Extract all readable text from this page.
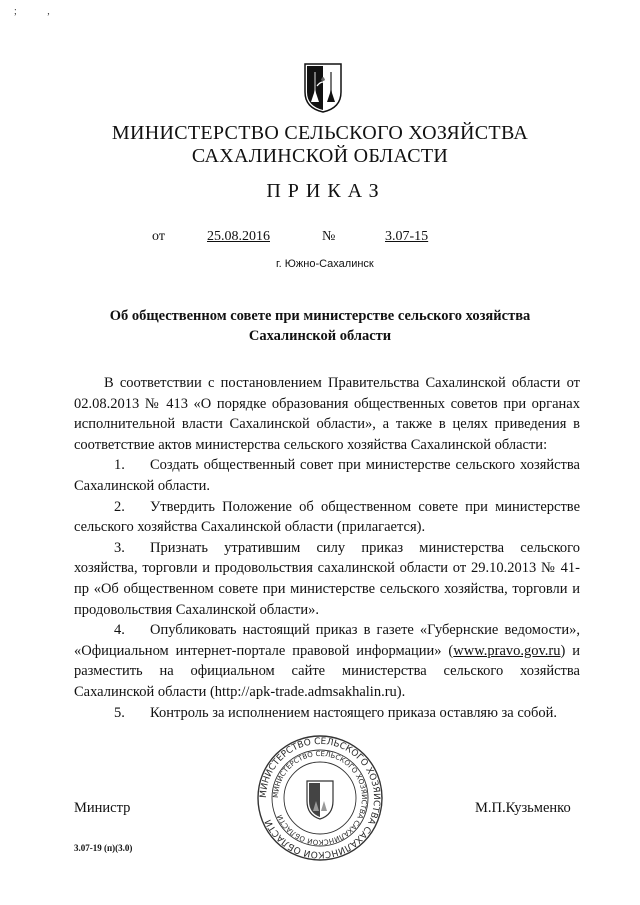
; ,
МИНИСТЕРСТВО СЕЛЬСКОГО ХОЗЯЙСТВА
САХАЛИНСКОЙ ОБЛАСТИ
ПРИКАЗ
от	25.08.2016	№	3.07-15
г. Южно-Сахалинск
Об общественном совете при министерстве сельского хозяйства
Сахалинской области

В соответствии с постановлением Правительства Сахалинской области от 02.08.2013 № 413 «О порядке образования общественных советов при органах исполнительной власти Сахалинской области», а также в целях приведения в соответствие актов министерства сельского хозяйства Сахалинской области:

1. Создать общественный совет при министерстве сельского хозяйства Сахалинской области.

2. Утвердить Положение об общественном совете при министерстве сельского хозяйства Сахалинской области (прилагается).

3. Признать утратившим силу приказ министерства сельского хозяйства, торговли и продовольствия сахалинской области от 29.10.2013 № 41-пр «Об общественном совете при министерстве сельского хозяйства, торговли и продовольствия Сахалинской области».

4. Опубликовать настоящий приказ в газете «Губернские ведомости», «Официальном интернет-портале правовой информации» (www.pravo.gov.ru) и разместить на официальном сайте министерства сельского хозяйства Сахалинской области (http://apk-trade.admsakhalin.ru).

5. Контроль за исполнением настоящего приказа оставляю за собой.

Министр	М.П.Кузьменко
МИНИСТЕРСТВО СЕЛЬСКОГО ХОЗЯЙСТВА САХАЛИНСКОЙ ОБЛАСТИ
МИНИСТЕРСТВО СЕЛЬСКОГО ХОЗЯЙСТВА САХАЛИНСКОЙ ОБЛАСТИ
3.07-19 (п)(3.0)
